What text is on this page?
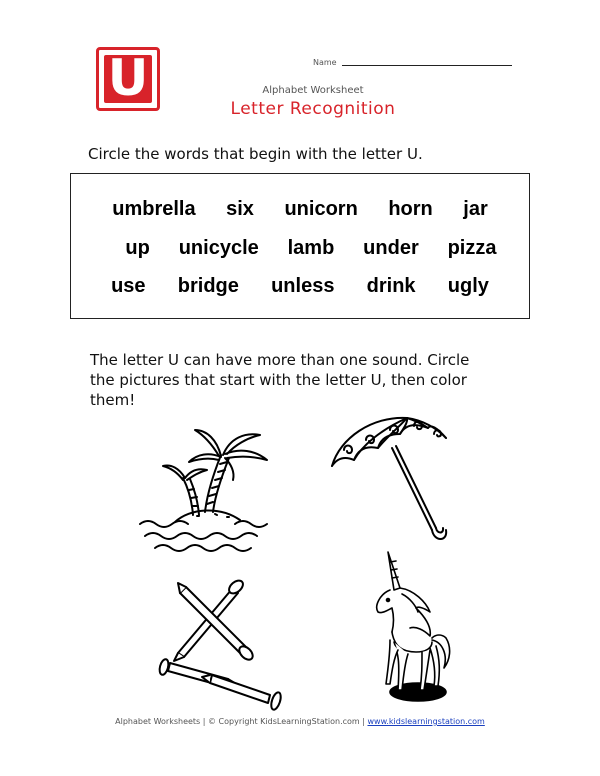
U	Name
Alphabet Worksheet
Letter Recognition
Circle the words that begin with the letter U.
umbrella six unicorn horn jar
up unicycle lamb under pizza
use bridge unless drink ugly
The letter U can have more than one sound. Circle
the pictures that start with the letter U, then color
them!
Alphabet Worksheets | © Copyright KidsLearningStation.com | www.kidslearningstation.com
